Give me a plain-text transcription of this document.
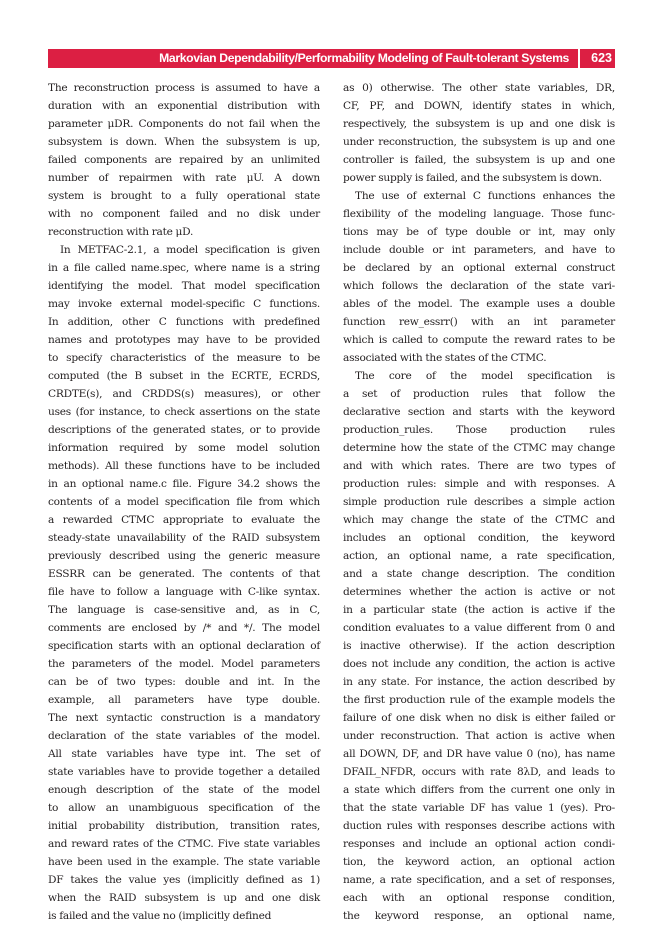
Markovian Dependability/Performability Modeling of Fault-tolerant Systems 623
The reconstruction process is assumed to have a
duration with an exponential distribution with
parameter μDR. Components do not fail when the
subsystem is down. When the subsystem is up,
failed components are repaired by an unlimited
number of repairmen with rate μU. A down
system is brought to a fully operational state
with no component failed and no disk under
reconstruction with rate μD.
In METFAC-2.1, a model specification is given
in a file called name.spec, where name is a string
identifying the model. That model specification
may invoke external model-specific C functions.
In addition, other C functions with predefined
names and prototypes may have to be provided
to specify characteristics of the measure to be
computed (the B subset in the ECRTE, ECRDS,
CRDTE(s), and CRDDS(s) measures), or other
uses (for instance, to check assertions on the state
descriptions of the generated states, or to provide
information required by some model solution
methods). All these functions have to be included
in an optional name.c file. Figure 34.2 shows the
contents of a model specification file from which
a rewarded CTMC appropriate to evaluate the
steady-state unavailability of the RAID subsystem
previously described using the generic measure
ESSRR can be generated. The contents of that
file have to follow a language with C-like syntax.
The language is case-sensitive and, as in C,
comments are enclosed by /* and */. The model
specification starts with an optional declaration of
the parameters of the model. Model parameters
can be of two types: double and int. In the
example, all parameters have type double.
The next syntactic construction is a mandatory
declaration of the state variables of the model.
All state variables have type int. The set of
state variables have to provide together a detailed
enough description of the state of the model
to allow an unambiguous specification of the
initial probability distribution, transition rates,
and reward rates of the CTMC. Five state variables
have been used in the example. The state variable
DF takes the value yes (implicitly defined as 1)
when the RAID subsystem is up and one disk
is failed and the value no (implicitly defined
as 0) otherwise. The other state variables, DR,
CF, PF, and DOWN, identify states in which,
respectively, the subsystem is up and one disk is
under reconstruction, the subsystem is up and one
controller is failed, the subsystem is up and one
power supply is failed, and the subsystem is down.
The use of external C functions enhances the
flexibility of the modeling language. Those func-
tions may be of type double or int, may only
include double or int parameters, and have to
be declared by an optional external construct
which follows the declaration of the state vari-
ables of the model. The example uses a double
function rew_essrr() with an int parameter
which is called to compute the reward rates to be
associated with the states of the CTMC.
The core of the model specification is
a set of production rules that follow the
declarative section and starts with the keyword
production_rules. Those production rules
determine how the state of the CTMC may change
and with which rates. There are two types of
production rules: simple and with responses. A
simple production rule describes a simple action
which may change the state of the CTMC and
includes an optional condition, the keyword
action, an optional name, a rate specification,
and a state change description. The condition
determines whether the action is active or not
in a particular state (the action is active if the
condition evaluates to a value different from 0 and
is inactive otherwise). If the action description
does not include any condition, the action is active
in any state. For instance, the action described by
the first production rule of the example models the
failure of one disk when no disk is either failed or
under reconstruction. That action is active when
all DOWN, DF, and DR have value 0 (no), has name
DFAIL_NFDR, occurs with rate 8λD, and leads to
a state which differs from the current one only in
that the state variable DF has value 1 (yes). Pro-
duction rules with responses describe actions with
responses and include an optional action condi-
tion, the keyword action, an optional action
name, a rate specification, and a set of responses,
each with an optional response condition,
the keyword response, an optional name,
